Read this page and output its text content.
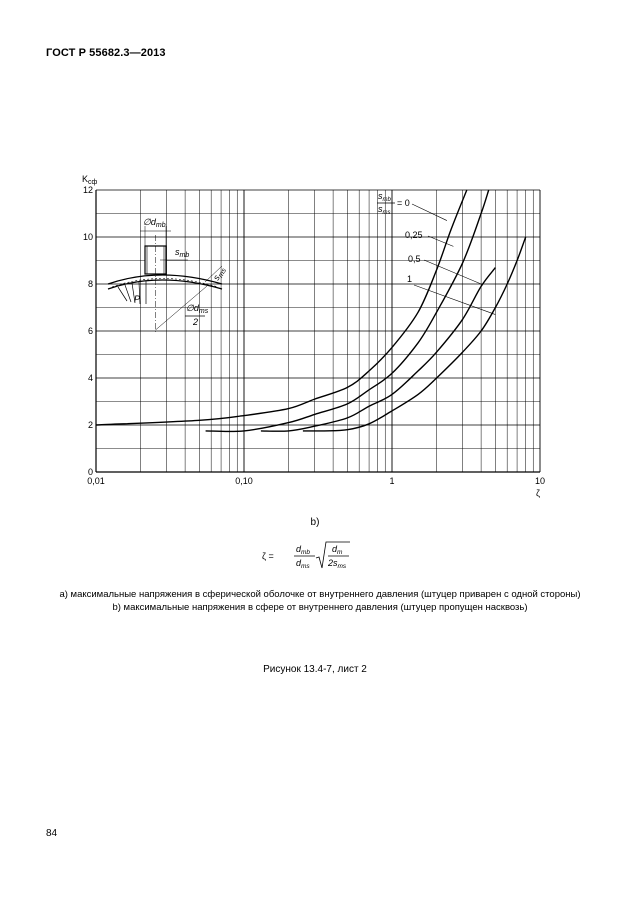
ГОСТ Р 55682.3—2013
0
2
4
6
8
10
12
0,01	0,10	1	10
0,25
0,5
1
$K_{сф}$
ζ
$s_{mb}$
$s_{ms}$
= 0
$\emptyset d_{mb}$
$s_{mb}$
$s_{ms}$
P
$\emptyset d_{ms}$
2
b)
ζ =
$d_{mb}$
$d_{ms}$
$d_m$
$2s_{ms}$
а) максимальные напряжения в сферической оболочке от внутреннего давления (штуцер приварен с одной стороны)
b) максимальные напряжения в сфере от внутреннего давления (штуцер пропущен насквозь)
Рисунок 13.4-7, лист 2
84
